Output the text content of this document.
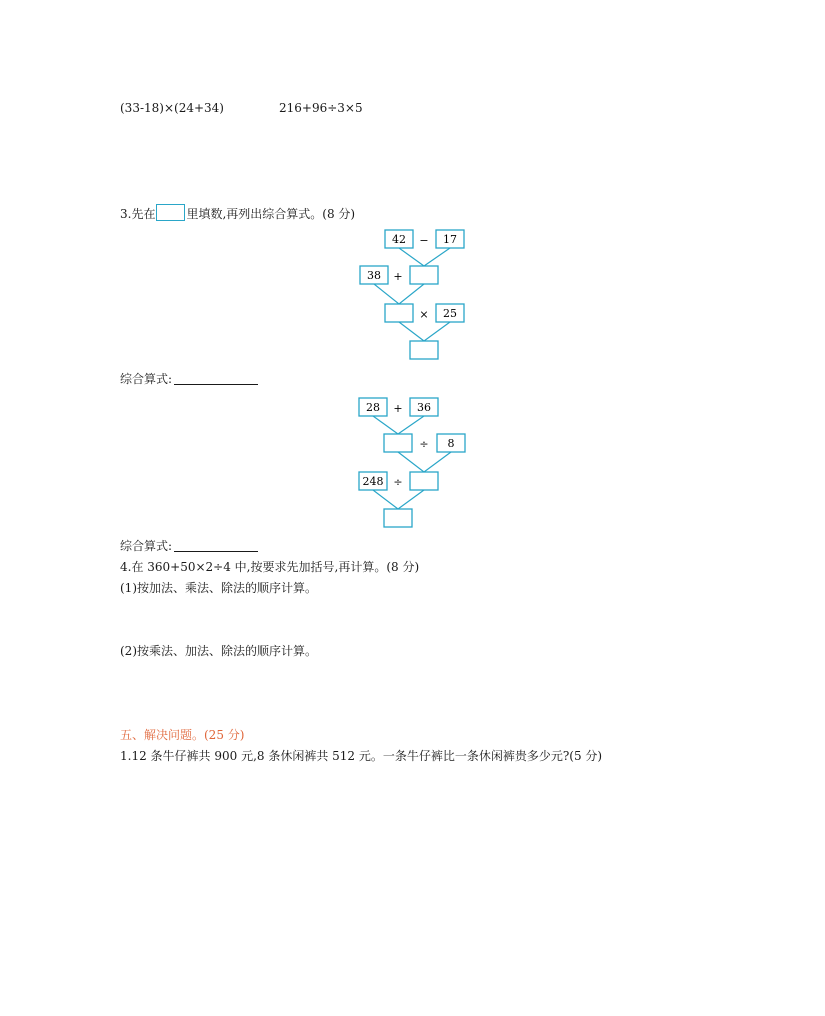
(33-18)×(24+34)	216+96÷3×5
3.先在	里填数,再列出综合算式。(8 分)
42 − 17
38 +
× 25
综合算式:
28 + 36
÷ 8
248 ÷
综合算式:
4.在 360+50×2÷4 中,按要求先加括号,再计算。(8 分)
(1)按加法、乘法、除法的顺序计算。
(2)按乘法、加法、除法的顺序计算。
五、解决问题。(25 分)
1.12 条牛仔裤共 900 元,8 条休闲裤共 512 元。一条牛仔裤比一条休闲裤贵多少元?(5 分)
